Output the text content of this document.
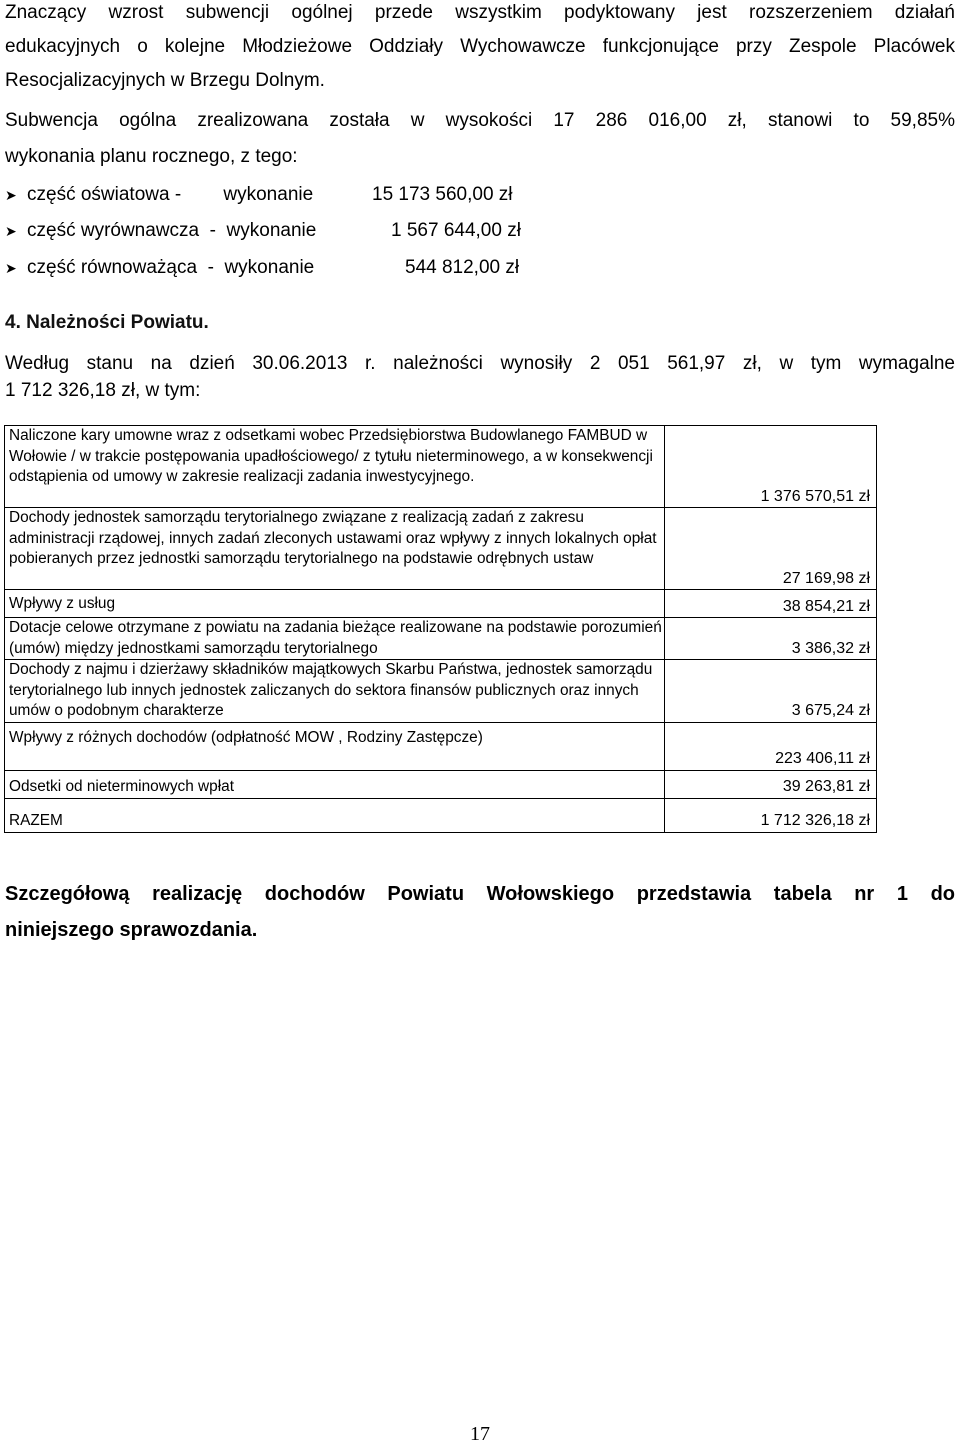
Znaczący wzrost subwencji ogólnej przede wszystkim podyktowany jest rozszerzeniem działań

edukacyjnych o kolejne Młodzieżowe Oddziały Wychowawcze funkcjonujące przy Zespole Placówek

Resocjalizacyjnych w Brzegu Dolnym.

Subwencja ogólna zrealizowana została w wysokości 17 286 016,00 zł, stanowi to 59,85%

wykonania planu rocznego, z tego:

➤ część oświatowa -        wykonanie	15 173 560,00 zł
➤ część wyrównawcza  -  wykonanie	1 567 644,00 zł
➤ część równoważąca  -  wykonanie	544 812,00 zł
4. Należności Powiatu.

Według stanu na dzień 30.06.2013 r. należności wynosiły 2 051 561,97 zł, w tym wymagalne

1 712 326,18 zł, w tym:

Naliczone kary umowne wraz z odsetkami wobec Przedsiębiorstwa Budowlanego FAMBUD w Wołowie / w trakcie postępowania upadłościowego/ z tytułu nieterminowego, a w konsekwencji odstąpienia od umowy w zakresie realizacji zadania inwestycyjnego.	1 376 570,51 zł
Dochody jednostek samorządu terytorialnego związane z realizacją zadań z zakresu administracji rządowej, innych zadań zleconych ustawami oraz wpływy z innych lokalnych opłat pobieranych przez jednostki samorządu terytorialnego na podstawie odrębnych ustaw	27 169,98 zł
Wpływy z usług	38 854,21 zł
Dotacje celowe otrzymane z powiatu na zadania bieżące realizowane na podstawie porozumień (umów) między jednostkami samorządu terytorialnego	3 386,32 zł
Dochody z najmu i dzierżawy składników majątkowych Skarbu Państwa, jednostek samorządu terytorialnego lub innych jednostek zaliczanych do sektora finansów publicznych oraz innych umów o podobnym charakterze	3 675,24 zł
Wpływy z różnych dochodów (odpłatność MOW , Rodziny Zastępcze)	223 406,11 zł
Odsetki od nieterminowych wpłat	39 263,81 zł
RAZEM	1 712 326,18 zł

Szczegółową realizację dochodów Powiatu Wołowskiego przedstawia tabela nr 1 do
niniejszego sprawozdania.

17
